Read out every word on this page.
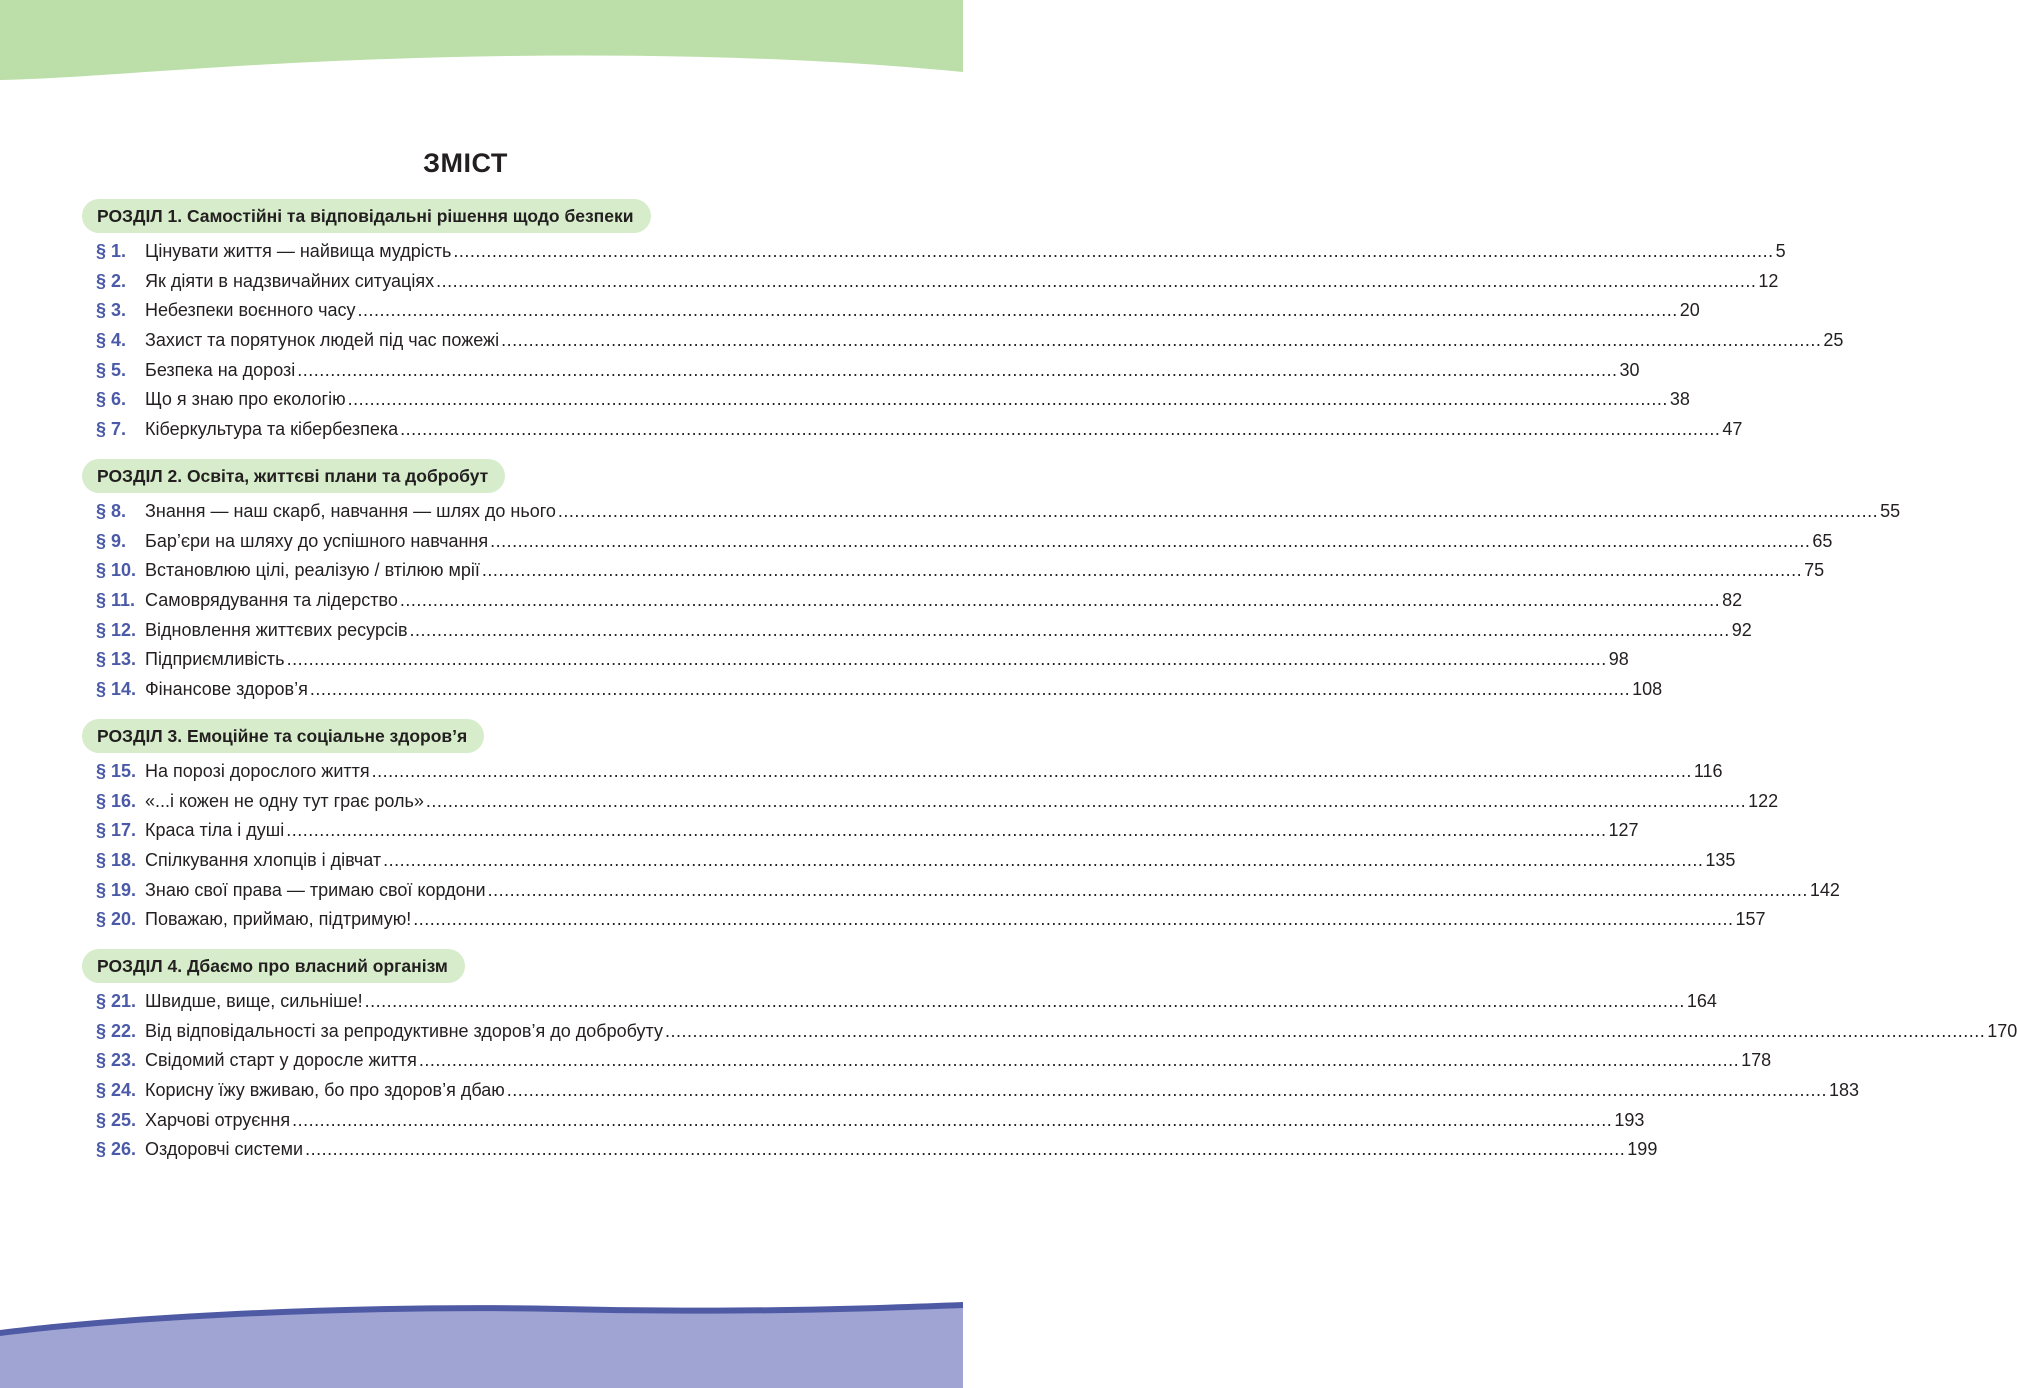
ЗМІСТ
РОЗДІЛ 1. Самостійні та відповідальні рішення щодо безпеки
§ 1.	Цінувати життя — найвища мудрість ................................................................................................................................................................................................................................................ 5
§ 2.	Як діяти в надзвичайних ситуаціях ................................................................................................................................................................................................................................................ 12
§ 3.	Небезпеки воєнного часу ................................................................................................................................................................................................................................................ 20
§ 4.	Захист та порятунок людей під час пожежі ................................................................................................................................................................................................................................................ 25
§ 5.	Безпека на дорозі ................................................................................................................................................................................................................................................ 30
§ 6.	Що я знаю про екологію ................................................................................................................................................................................................................................................ 38
§ 7.	Кіберкультура та кібербезпека ................................................................................................................................................................................................................................................ 47
РОЗДІЛ 2. Освіта, життєві плани та добробут
§ 8.	Знання — наш скарб, навчання — шлях до нього ................................................................................................................................................................................................................................................ 55
§ 9.	Бар’єри на шляху до успішного навчання ................................................................................................................................................................................................................................................ 65
§ 10. Встановлюю цілі, реалізую / втілюю мрії ................................................................................................................................................................................................................................................ 75
§ 11. Самоврядування та лідерство ................................................................................................................................................................................................................................................ 82
§ 12. Відновлення життєвих ресурсів ................................................................................................................................................................................................................................................ 92
§ 13. Підприємливість ................................................................................................................................................................................................................................................ 98
§ 14. Фінансове здоров’я ................................................................................................................................................................................................................................................ 108
РОЗДІЛ 3. Емоційне та соціальне здоров’я
§ 15. На порозі дорослого життя ................................................................................................................................................................................................................................................ 116
§ 16. «...і кожен не одну тут грає роль» ................................................................................................................................................................................................................................................ 122
§ 17. Краса тіла і душі ................................................................................................................................................................................................................................................ 127
§ 18. Спілкування хлопців і дівчат ................................................................................................................................................................................................................................................ 135
§ 19. Знаю свої права — тримаю свої кордони ................................................................................................................................................................................................................................................ 142
§ 20. Поважаю, приймаю, підтримую! ................................................................................................................................................................................................................................................ 157
РОЗДІЛ 4. Дбаємо про власний організм
§ 21. Швидше, вище, сильніше! ................................................................................................................................................................................................................................................ 164
§ 22. Від відповідальності за репродуктивне здоров’я до добробуту ................................................................................................................................................................................................................................................ 170
§ 23. Свідомий старт у доросле життя ................................................................................................................................................................................................................................................ 178
§ 24. Корисну їжу вживаю, бо про здоров’я дбаю ................................................................................................................................................................................................................................................ 183
§ 25. Харчові отруєння ................................................................................................................................................................................................................................................ 193
§ 26. Оздоровчі системи ................................................................................................................................................................................................................................................ 199
